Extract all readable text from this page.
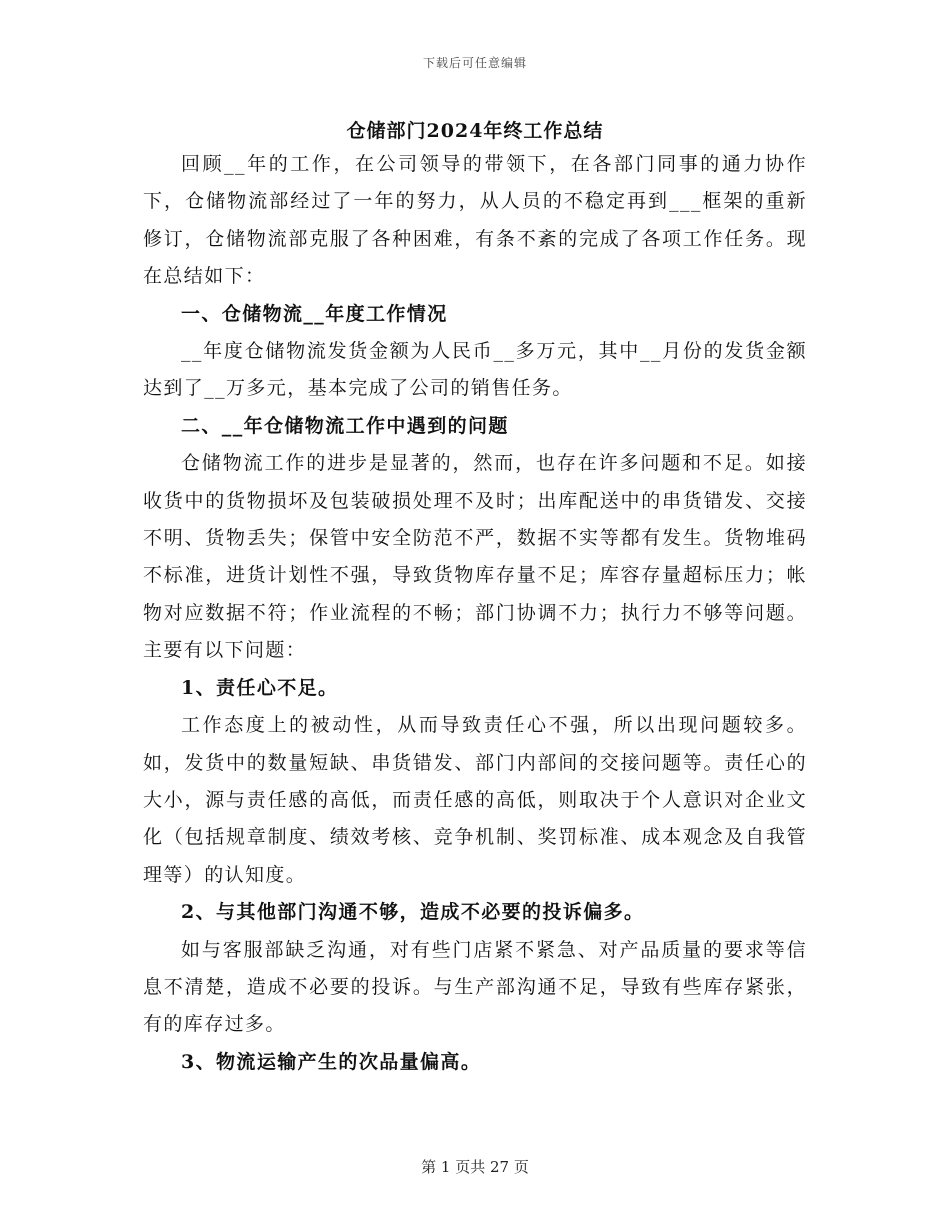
下载后可任意编辑
仓储部门2024年终工作总结

回顾__年的工作，在公司领导的带领下，在各部门同事的通力协作下，仓储物流部经过了一年的努力，从人员的不稳定再到___框架的重新修订，仓储物流部克服了各种困难，有条不紊的完成了各项工作任务。现在总结如下：

一、仓储物流__年度工作情况

__年度仓储物流发货金额为人民币__多万元，其中__月份的发货金额达到了__万多元，基本完成了公司的销售任务。

二、__年仓储物流工作中遇到的问题

仓储物流工作的进步是显著的，然而，也存在许多问题和不足。如接收货中的货物损坏及包装破损处理不及时；出库配送中的串货错发、交接不明、货物丢失；保管中安全防范不严，数据不实等都有发生。货物堆码不标准，进货计划性不强，导致货物库存量不足；库容存量超标压力；帐物对应数据不符；作业流程的不畅；部门协调不力；执行力不够等问题。主要有以下问题：

1、责任心不足。

工作态度上的被动性，从而导致责任心不强，所以出现问题较多。如，发货中的数量短缺、串货错发、部门内部间的交接问题等。责任心的大小，源与责任感的高低，而责任感的高低，则取决于个人意识对企业文化（包括规章制度、绩效考核、竞争机制、奖罚标准、成本观念及自我管理等）的认知度。

2、与其他部门沟通不够，造成不必要的投诉偏多。

如与客服部缺乏沟通，对有些门店紧不紧急、对产品质量的要求等信息不清楚，造成不必要的投诉。与生产部沟通不足，导致有些库存紧张，有的库存过多。

3、物流运输产生的次品量偏高。

第 1 页共 27 页
